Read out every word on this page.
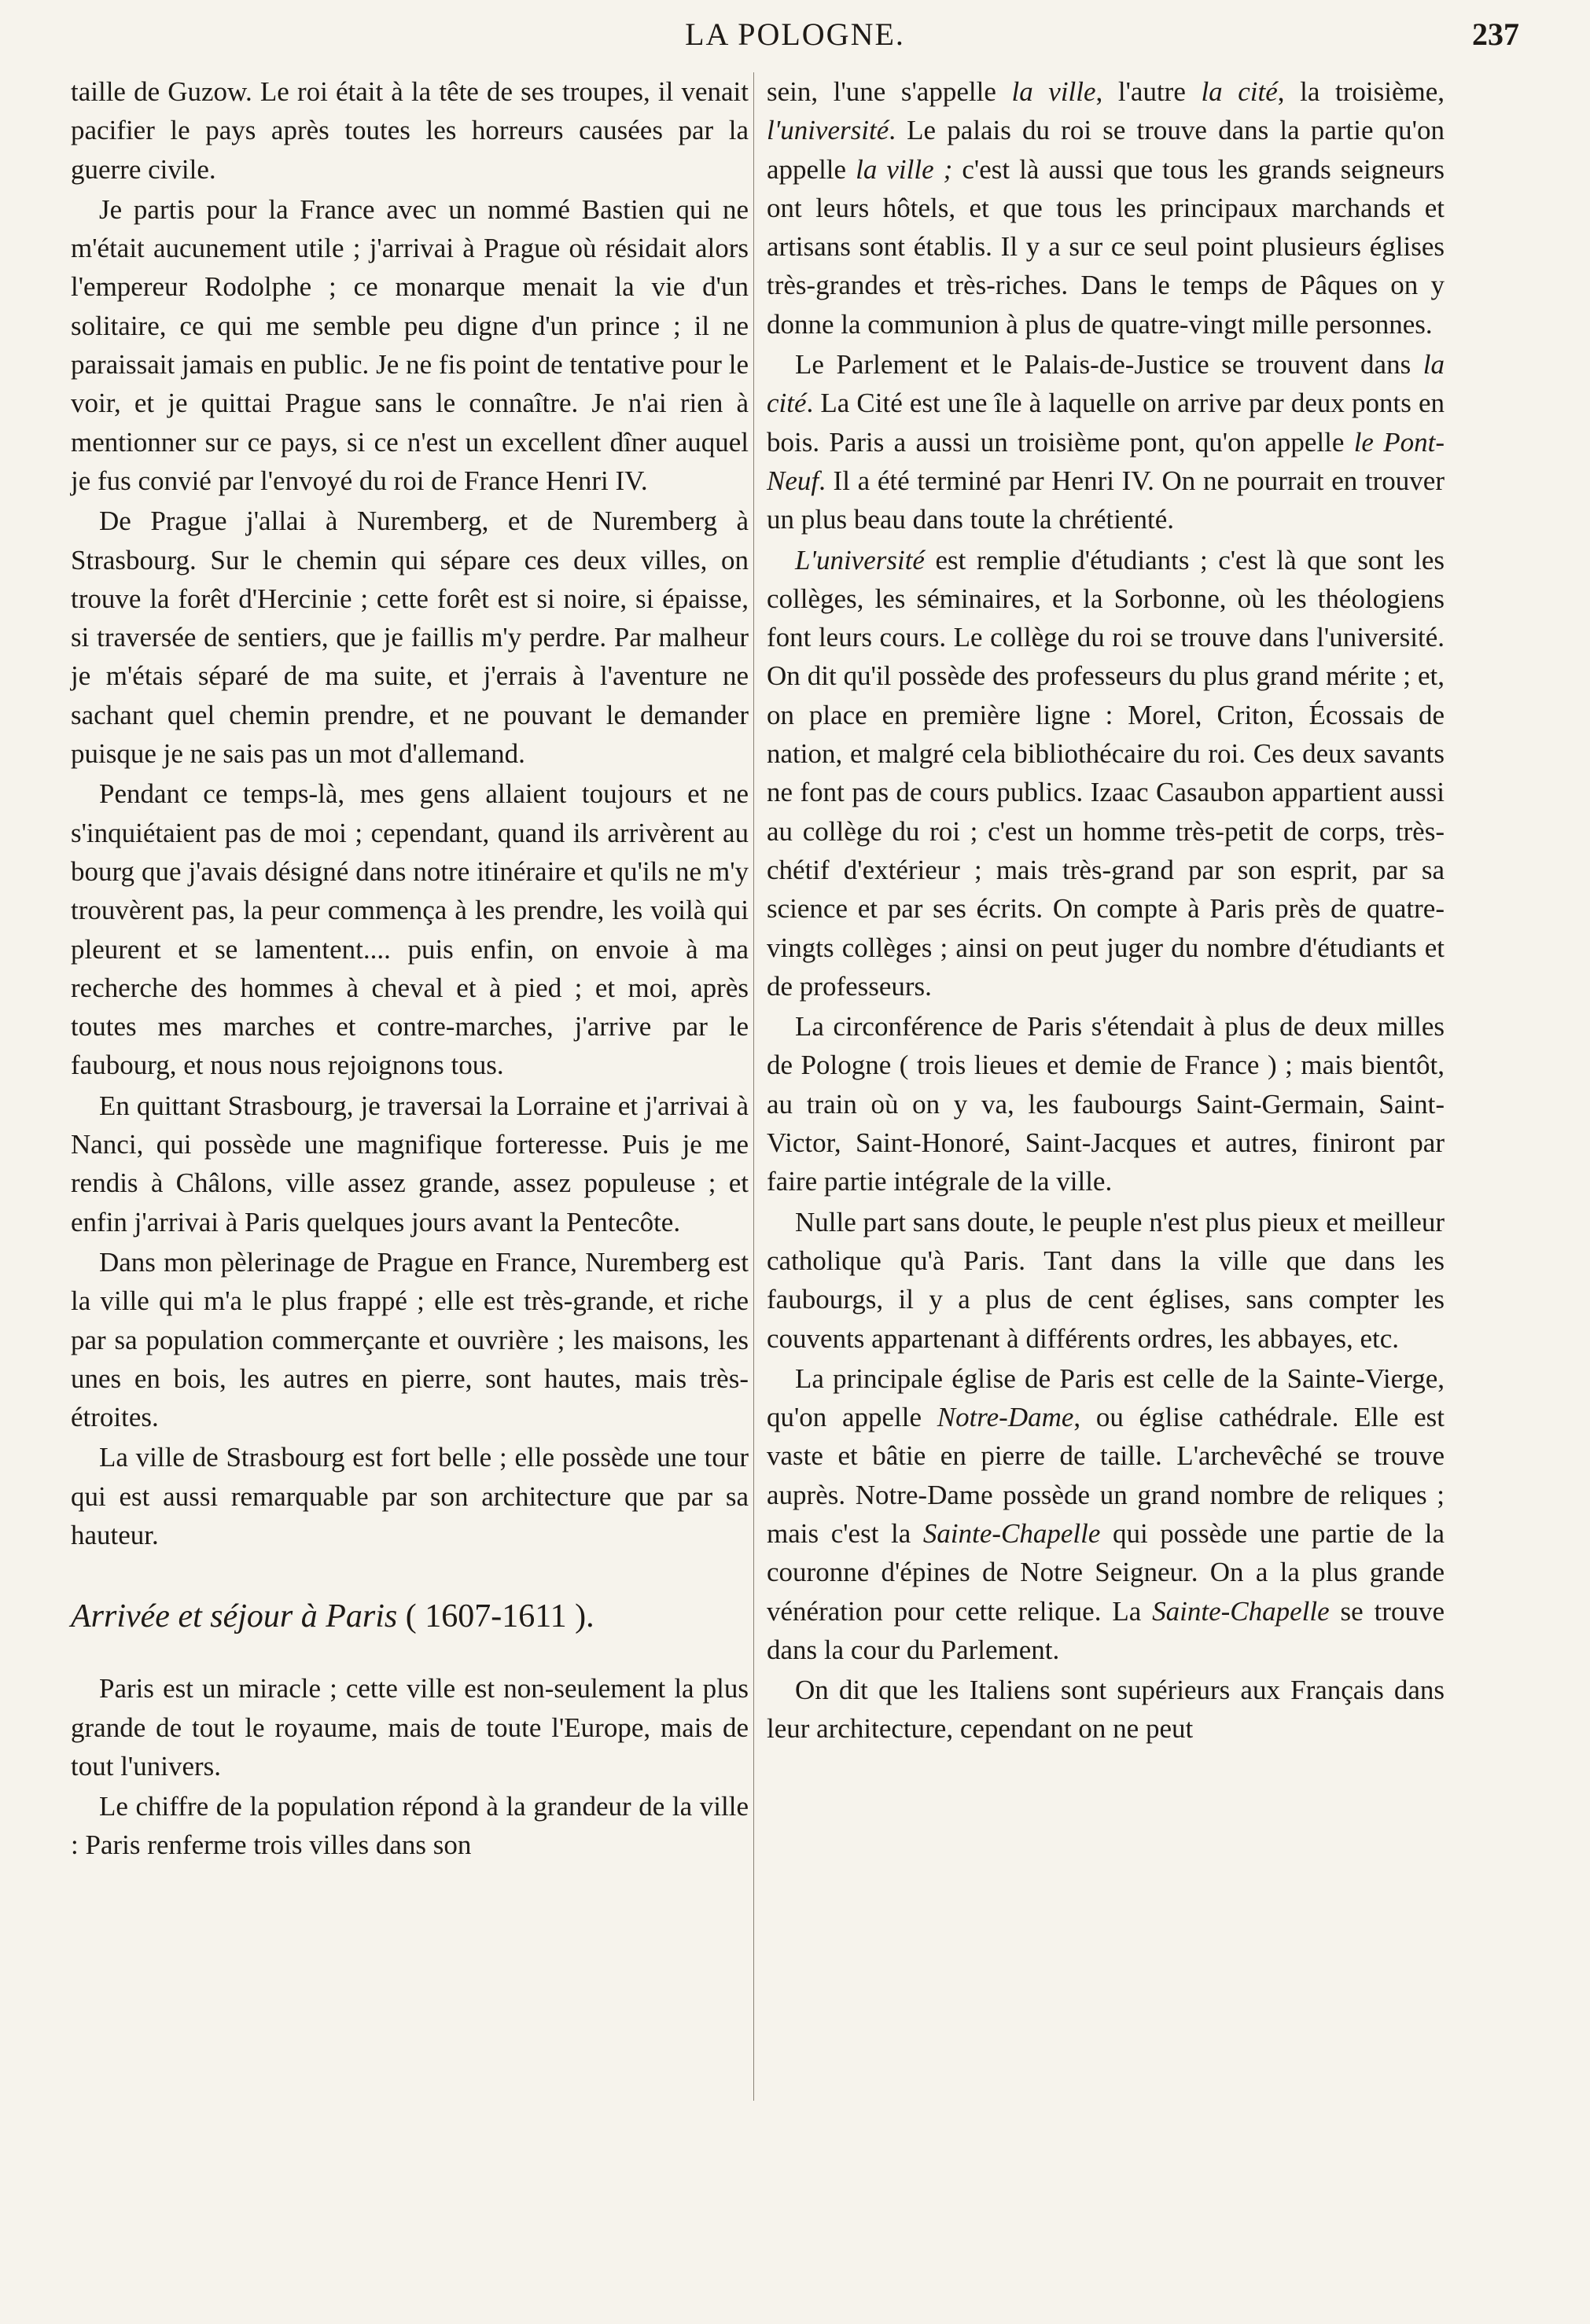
LA POLOGNE.	237

taille de Guzow. Le roi était à la tête de ses troupes, il venait pacifier le pays après toutes les horreurs causées par la guerre civile.

Je partis pour la France avec un nommé Bastien qui ne m'était aucunement utile ; j'arrivai à Prague où résidait alors l'empereur Rodolphe ; ce monarque menait la vie d'un solitaire, ce qui me semble peu digne d'un prince ; il ne paraissait jamais en public. Je ne fis point de tentative pour le voir, et je quittai Prague sans le connaître. Je n'ai rien à mentionner sur ce pays, si ce n'est un excellent dîner auquel je fus convié par l'envoyé du roi de France Henri IV.

De Prague j'allai à Nuremberg, et de Nuremberg à Strasbourg. Sur le chemin qui sépare ces deux villes, on trouve la forêt d'Hercinie ; cette forêt est si noire, si épaisse, si traversée de sentiers, que je faillis m'y perdre. Par malheur je m'étais séparé de ma suite, et j'errais à l'aventure ne sachant quel chemin prendre, et ne pouvant le demander puisque je ne sais pas un mot d'allemand.

Pendant ce temps-là, mes gens allaient toujours et ne s'inquiétaient pas de moi ; cependant, quand ils arrivèrent au bourg que j'avais désigné dans notre itinéraire et qu'ils ne m'y trouvèrent pas, la peur commença à les prendre, les voilà qui pleurent et se lamentent.... puis enfin, on envoie à ma recherche des hommes à cheval et à pied ; et moi, après toutes mes marches et contre-marches, j'arrive par le faubourg, et nous nous rejoignons tous.

En quittant Strasbourg, je traversai la Lorraine et j'arrivai à Nanci, qui possède une magnifique forteresse. Puis je me rendis à Châlons, ville assez grande, assez populeuse ; et enfin j'arrivai à Paris quelques jours avant la Pentecôte.

Dans mon pèlerinage de Prague en France, Nuremberg est la ville qui m'a le plus frappé ; elle est très-grande, et riche par sa population commerçante et ouvrière ; les maisons, les unes en bois, les autres en pierre, sont hautes, mais très-étroites.

La ville de Strasbourg est fort belle ; elle possède une tour qui est aussi remarquable par son architecture que par sa hauteur.

Arrivée et séjour à Paris ( 1607-1611 ).

Paris est un miracle ; cette ville est non-seulement la plus grande de tout le royaume, mais de toute l'Europe, mais de tout l'univers.

Le chiffre de la population répond à la grandeur de la ville : Paris renferme trois villes dans son

sein, l'une s'appelle la ville, l'autre la cité, la troisième, l'université. Le palais du roi se trouve dans la partie qu'on appelle la ville ; c'est là aussi que tous les grands seigneurs ont leurs hôtels, et que tous les principaux marchands et artisans sont établis. Il y a sur ce seul point plusieurs églises très-grandes et très-riches. Dans le temps de Pâques on y donne la communion à plus de quatre-vingt mille personnes.

Le Parlement et le Palais-de-Justice se trouvent dans la cité. La Cité est une île à laquelle on arrive par deux ponts en bois. Paris a aussi un troisième pont, qu'on appelle le Pont-Neuf. Il a été terminé par Henri IV. On ne pourrait en trouver un plus beau dans toute la chrétienté.

L'université est remplie d'étudiants ; c'est là que sont les collèges, les séminaires, et la Sorbonne, où les théologiens font leurs cours. Le collège du roi se trouve dans l'université. On dit qu'il possède des professeurs du plus grand mérite ; et, on place en première ligne : Morel, Criton, Écossais de nation, et malgré cela bibliothécaire du roi. Ces deux savants ne font pas de cours publics. Izaac Casaubon appartient aussi au collège du roi ; c'est un homme très-petit de corps, très-chétif d'extérieur ; mais très-grand par son esprit, par sa science et par ses écrits. On compte à Paris près de quatre-vingts collèges ; ainsi on peut juger du nombre d'étudiants et de professeurs.

La circonférence de Paris s'étendait à plus de deux milles de Pologne ( trois lieues et demie de France ) ; mais bientôt, au train où on y va, les faubourgs Saint-Germain, Saint-Victor, Saint-Honoré, Saint-Jacques et autres, finiront par faire partie intégrale de la ville.

Nulle part sans doute, le peuple n'est plus pieux et meilleur catholique qu'à Paris. Tant dans la ville que dans les faubourgs, il y a plus de cent églises, sans compter les couvents appartenant à différents ordres, les abbayes, etc.

La principale église de Paris est celle de la Sainte-Vierge, qu'on appelle Notre-Dame, ou église cathédrale. Elle est vaste et bâtie en pierre de taille. L'archevêché se trouve auprès. Notre-Dame possède un grand nombre de reliques ; mais c'est la Sainte-Chapelle qui possède une partie de la couronne d'épines de Notre Seigneur. On a la plus grande vénération pour cette relique. La Sainte-Chapelle se trouve dans la cour du Parlement.

On dit que les Italiens sont supérieurs aux Français dans leur architecture, cependant on ne peut
